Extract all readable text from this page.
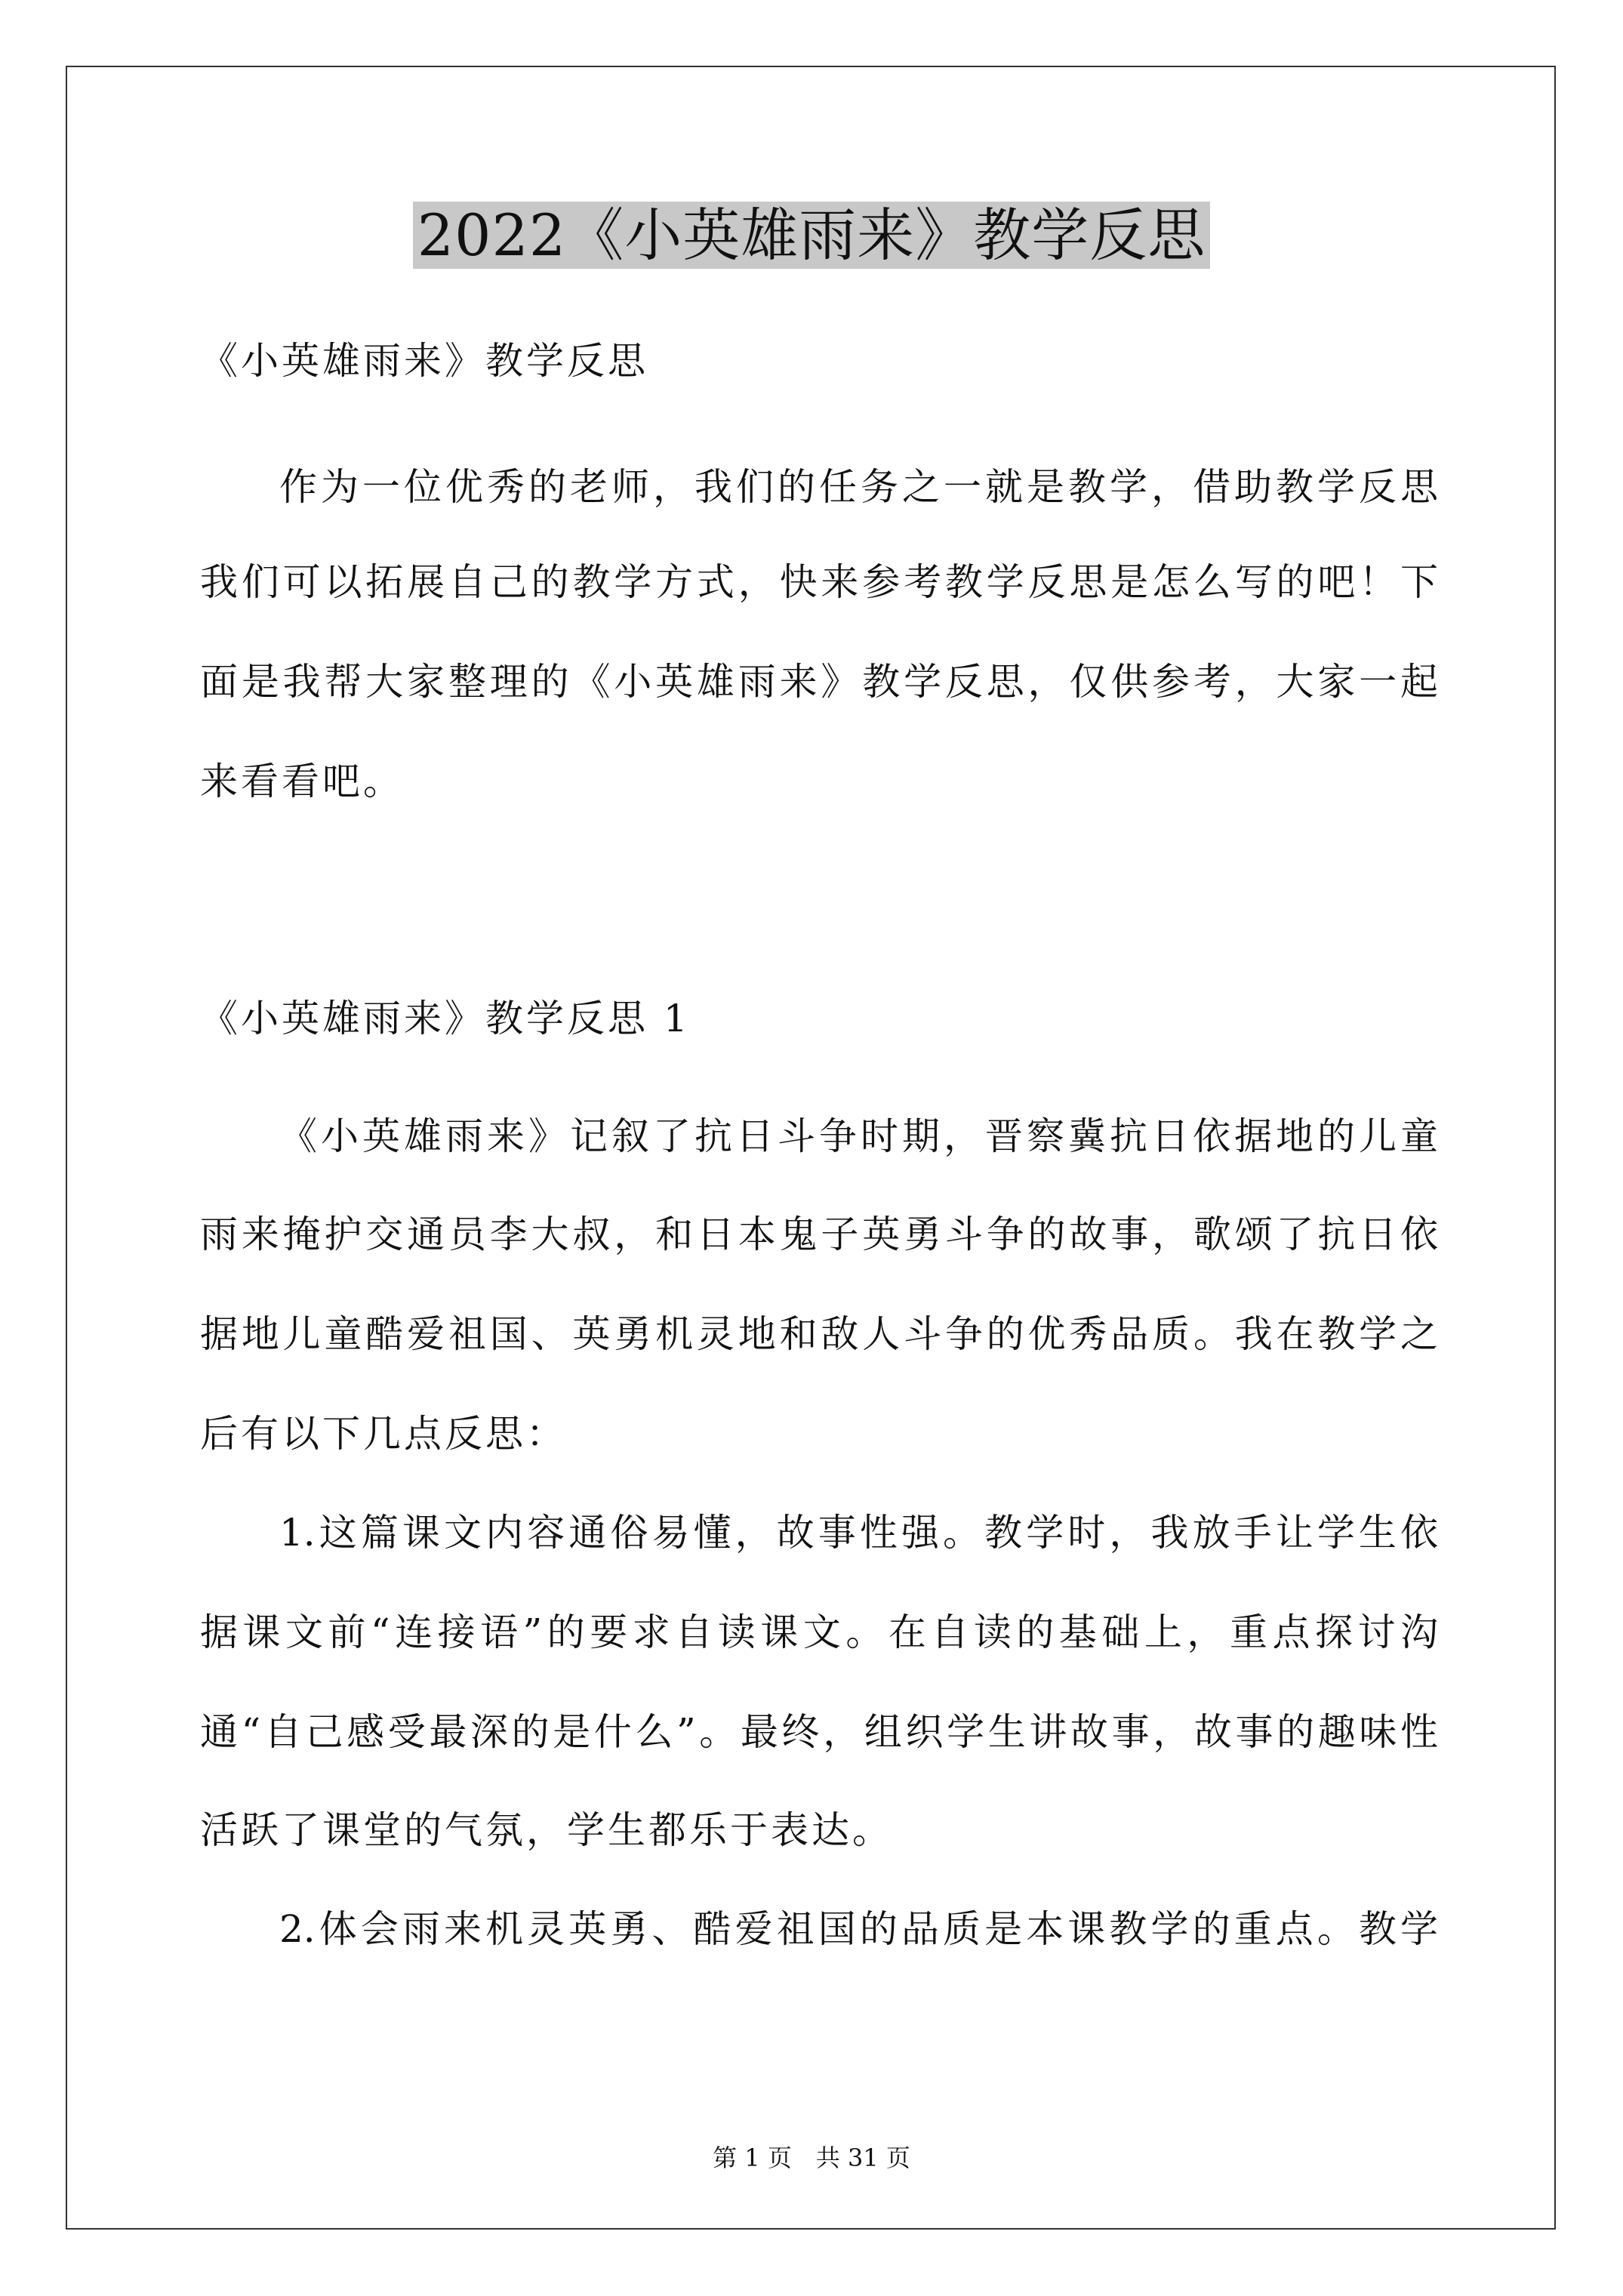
2022《小英雄雨来》教学反思
《小英雄雨来》教学反思
作为一位优秀的老师，我们的任务之一就是教学，借助教学反思
我们可以拓展自己的教学方式，快来参考教学反思是怎么写的吧！下
面是我帮大家整理的《小英雄雨来》教学反思，仅供参考，大家一起
来看看吧。
《小英雄雨来》教学反思 1
《小英雄雨来》记叙了抗日斗争时期，晋察冀抗日依据地的儿童
雨来掩护交通员李大叔，和日本鬼子英勇斗争的故事，歌颂了抗日依
据地儿童酷爱祖国、英勇机灵地和敌人斗争的优秀品质。我在教学之
后有以下几点反思：
1.这篇课文内容通俗易懂，故事性强。教学时，我放手让学生依
据课文前“连接语”的要求自读课文。在自读的基础上，重点探讨沟
通“自己感受最深的是什么”。最终，组织学生讲故事，故事的趣味性
活跃了课堂的气氛，学生都乐于表达。
2.体会雨来机灵英勇、酷爱祖国的品质是本课教学的重点。教学
第 1 页　共 31 页
